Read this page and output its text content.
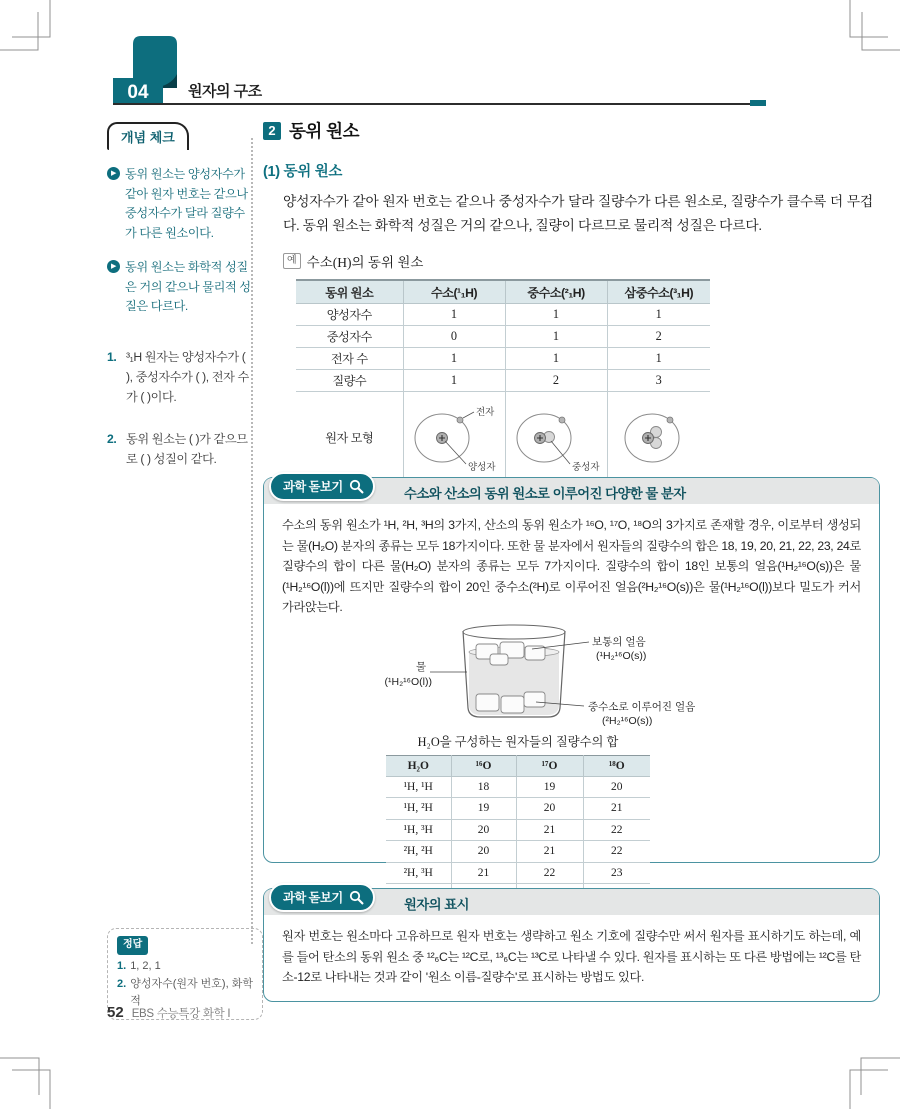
04	원자의 구조
개념 체크
▶ 동위 원소는 양성자수가 같아 원자 번호는 같으나 중성자수가 달라 질량수가 다른 원소이다.
▶ 동위 원소는 화학적 성질은 거의 같으나 물리적 성질은 다르다.
1. ³₁H 원자는 양성자수가 ( ), 중성자수가 ( ), 전자 수가 ( )이다.
2. 동위 원소는 ( )가 같으므로 ( ) 성질이 같다.
정답
1. 1, 2, 1
2. 양성자수(원자 번호), 화학적
2 동위 원소
(1) 동위 원소

양성자수가 같아 원자 번호는 같으나 중성자수가 달라 질량수가 다른 원소로, 질량수가 클수록 더 무겁다. 동위 원소는 화학적 성질은 거의 같으나, 질량이 다르므로 물리적 성질은 다르다.

예 수소(H)의 동위 원소
동위 원소	수소(¹₁H)	중수소(²₁H)	삼중수소(³₁H)
양성자수	1	1	1
중성자수	0	1	2
전자 수	1	1	1
질량수	1	2	3
원자 모형	전자
양성자	중성자

과학 돋보기	수소와 산소의 동위 원소로 이루어진 다양한 물 분자
수소의 동위 원소가 ¹H, ²H, ³H의 3가지, 산소의 동위 원소가 ¹⁶O, ¹⁷O, ¹⁸O의 3가지로 존재할 경우, 이로부터 생성되는 물(H₂O) 분자의 종류는 모두 18가지이다. 또한 물 분자에서 원자들의 질량수의 합은 18, 19, 20, 21, 22, 23, 24로 질량수의 합이 다른 물(H₂O) 분자의 종류는 모두 7가지이다. 질량수의 합이 18인 보통의 얼음(¹H₂¹⁶O(s))은 물(¹H₂¹⁶O(l))에 뜨지만 질량수의 합이 20인 중수소(²H)로 이루어진 얼음(²H₂¹⁶O(s))은 물(¹H₂¹⁶O(l))보다 밀도가 커서 가라앉는다.
보통의 얼음
(¹H₂¹⁶O(s))
물
(¹H₂¹⁶O(l))
중수소로 이루어진 얼음
(²H₂¹⁶O(s))
H₂O을 구성하는 원자들의 질량수의 합
H₂O	¹⁶O	¹⁷O	¹⁸O
¹H, ¹H	18	19	20
¹H, ²H	19	20	21
¹H, ³H	20	21	22
²H, ²H	20	21	22
²H, ³H	21	22	23

과학 돋보기	원자의 표시
원자 번호는 원소마다 고유하므로 원자 번호는 생략하고 원소 기호에 질량수만 써서 원자를 표시하기도 하는데, 예를 들어 탄소의 동위 원소 중 ¹²₆C는 ¹²C로, ¹³₆C는 ¹³C로 나타낼 수 있다. 원자를 표시하는 또 다른 방법에는 ¹²C를 탄소-12로 나타내는 것과 같이 '원소 이름-질량수'로 표시하는 방법도 있다.
52 EBS 수능특강 화학 I
